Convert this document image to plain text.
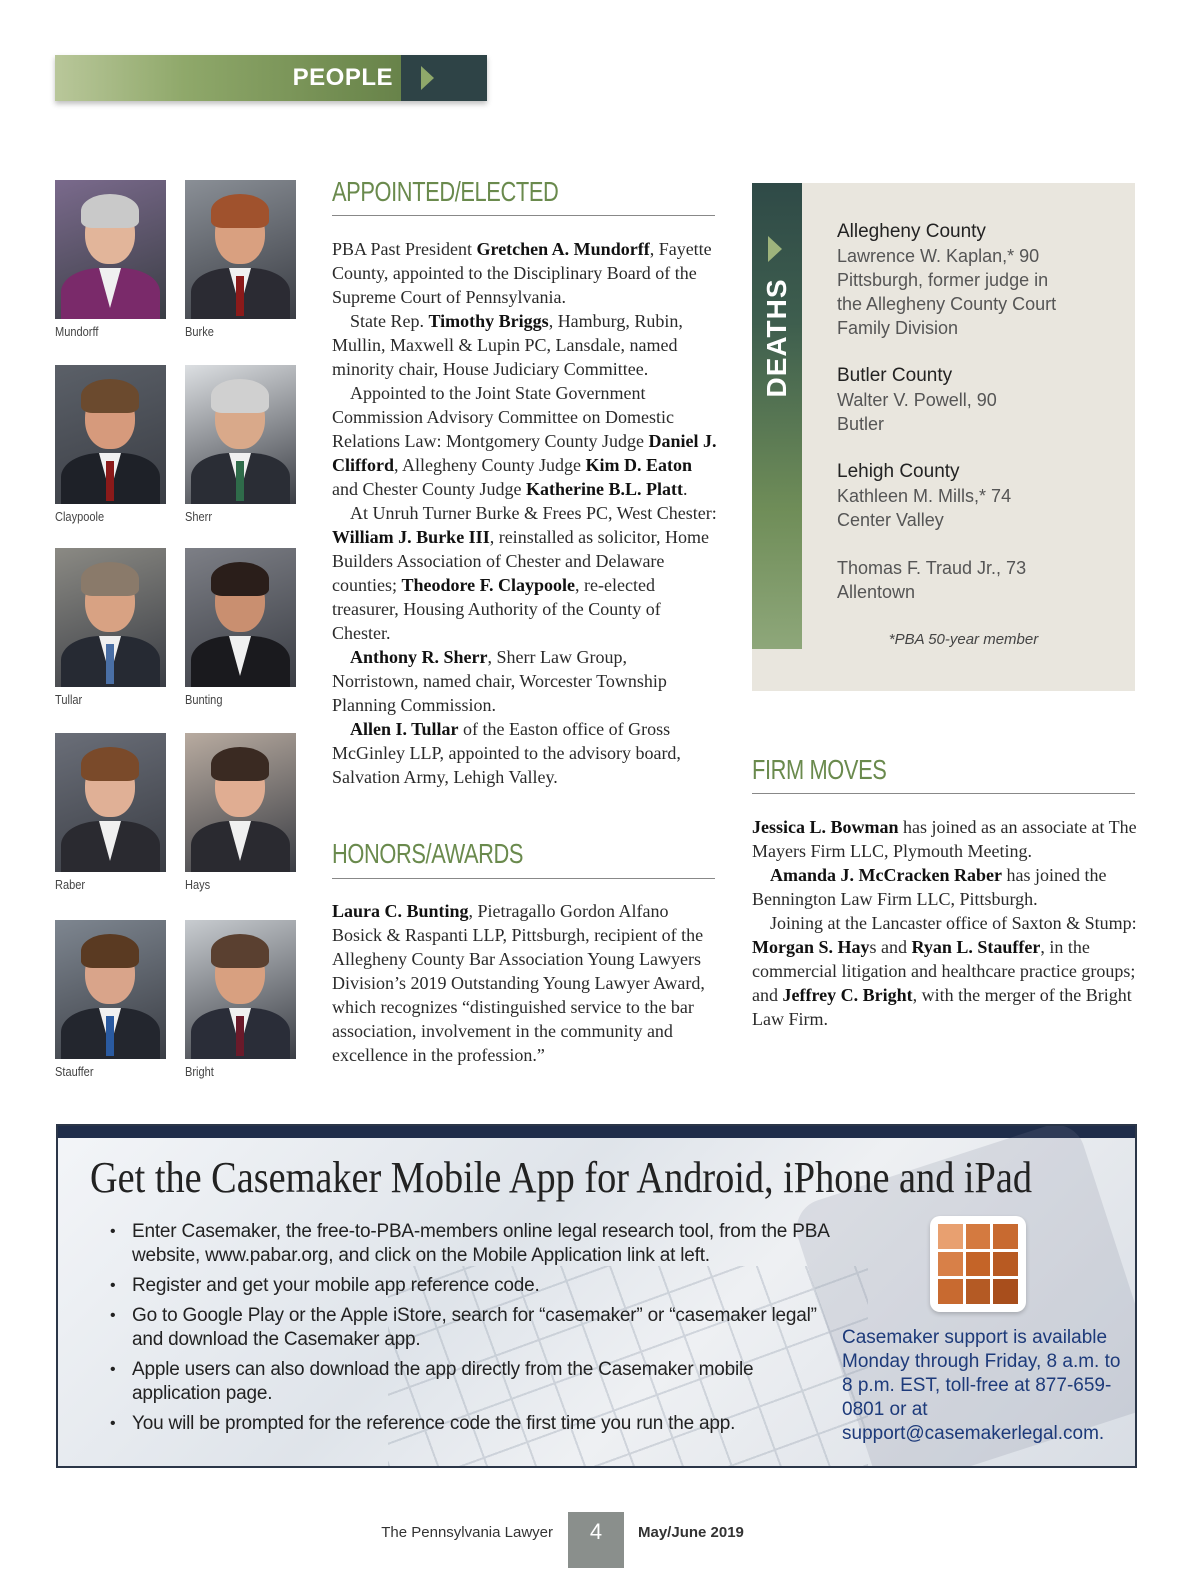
PEOPLE
Mundorff	Burke
Claypoole	Sherr
Tullar	Bunting
Raber	Hays
Stauffer	Bright
APPOINTED/ELECTED

PBA Past President Gretchen A. Mundorff, Fayette County, appointed to the Disciplinary Board of the Supreme Court of Pennsylvania.

State Rep. Timothy Briggs, Hamburg, Rubin, Mullin, Maxwell & Lupin PC, Lansdale, named minority chair, House Judiciary Committee.

Appointed to the Joint State Government Commission Advisory Committee on Domestic Relations Law: Montgomery County Judge Daniel J. Clifford, Allegheny County Judge Kim D. Eaton and Chester County Judge Katherine B.L. Platt.

At Unruh Turner Burke & Frees PC, West Chester: William J. Burke III, reinstalled as solicitor, Home Builders Association of Chester and Delaware counties; Theodore F. Claypoole, re-elected treasurer, Housing Authority of the County of Chester.

Anthony R. Sherr, Sherr Law Group, Norristown, named chair, Worcester Township Planning Commission.

Allen I. Tullar of the Easton office of Gross McGinley LLP, appointed to the advisory board, Salvation Army, Lehigh Valley.

HONORS/AWARDS

Laura C. Bunting, Pietragallo Gordon Alfano Bosick & Raspanti LLP, Pittsburgh, recipient of the Allegheny County Bar Association Young Lawyers Division’s 2019 Outstanding Young Lawyer Award, which recognizes “distinguished service to the bar association, involvement in the community and excellence in the profession.”

DEATHS
Allegheny County
Lawrence W. Kaplan,* 90
Pittsburgh, former judge in
the Allegheny County Court
Family Division
Butler County
Walter V. Powell, 90
Butler
Lehigh County
Kathleen M. Mills,* 74
Center Valley
Thomas F. Traud Jr., 73
Allentown
*PBA 50-year member
FIRM MOVES

Jessica L. Bowman has joined as an associate at The Mayers Firm LLC, Plymouth Meeting.

Amanda J. McCracken Raber has joined the Bennington Law Firm LLC, Pittsburgh.

Joining at the Lancaster office of Saxton & Stump: Morgan S. Hays and Ryan L. Stauffer, in the commercial litigation and healthcare practice groups; and Jeffrey C. Bright, with the merger of the Bright Law Firm.

Get the Casemaker Mobile App for Android, iPhone and iPad
• Enter Casemaker, the free-to-PBA-members online legal research tool, from the PBA website, www.pabar.org, and click on the Mobile Application link at left.
• Register and get your mobile app reference code.
• Go to Google Play or the Apple iStore, search for “casemaker” or “casemaker legal” and download the Casemaker app.
• Apple users can also download the app directly from the Casemaker mobile application page.
• You will be prompted for the reference code the first time you run the app.
Casemaker support is available Monday through Friday, 8 a.m. to 8 p.m. EST, toll-free at 877-659-0801 or at support@casemakerlegal.com.
The Pennsylvania Lawyer	4	May/June 2019
